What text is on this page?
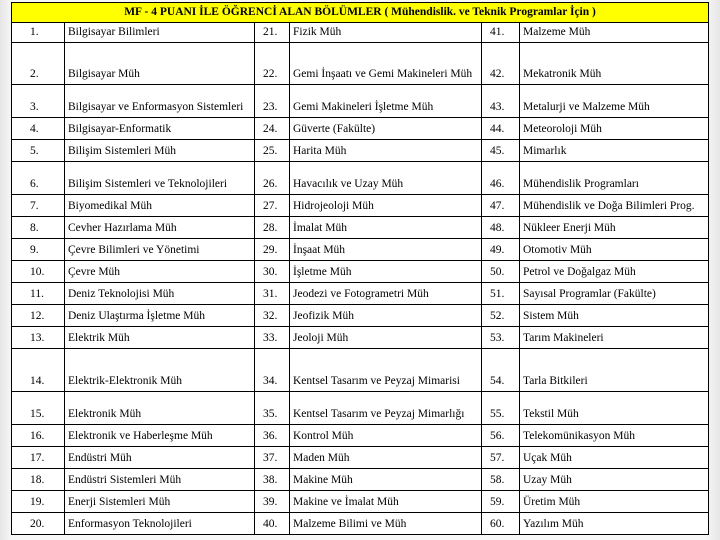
MF - 4 PUANI İLE ÖĞRENCİ ALAN BÖLÜMLER ( Mühendislik. ve Teknik Programlar İçin )					
1.	Bilgisayar Bilimleri	21.	Fizik Müh	41.	Malzeme Müh
2.	Bilgisayar Müh	22.	Gemi İnşaatı ve Gemi Makineleri Müh	42.	Mekatronik Müh
3.	Bilgisayar ve Enformasyon Sistemleri	23.	Gemi Makineleri İşletme Müh	43.	Metalurji ve Malzeme Müh
4.	Bilgisayar-Enformatik	24.	Güverte (Fakülte)	44.	Meteoroloji Müh
5.	Bilişim Sistemleri Müh	25.	Harita Müh	45.	Mimarlık
6.	Bilişim Sistemleri ve Teknolojileri	26.	Havacılık ve Uzay Müh	46.	Mühendislik Programları
7.	Biyomedikal Müh	27.	Hidrojeoloji Müh	47.	Mühendislik ve Doğa Bilimleri Prog.
8.	Cevher Hazırlama Müh	28.	İmalat Müh	48.	Nükleer Enerji Müh
9.	Çevre Bilimleri ve Yönetimi	29.	İnşaat Müh	49.	Otomotiv Müh
10.	Çevre Müh	30.	İşletme Müh	50.	Petrol ve Doğalgaz Müh
11.	Deniz Teknolojisi Müh	31.	Jeodezi ve Fotogrametri Müh	51.	Sayısal Programlar (Fakülte)
12.	Deniz Ulaştırma İşletme Müh	32.	Jeofizik Müh	52.	Sistem Müh
13.	Elektrik Müh	33.	Jeoloji Müh	53.	Tarım Makineleri
14.	Elektrik-Elektronik Müh	34.	Kentsel Tasarım ve Peyzaj Mimarisi	54.	Tarla Bitkileri
15.	Elektronik Müh	35.	Kentsel Tasarım ve Peyzaj Mimarlığı	55.	Tekstil Müh
16.	Elektronik ve Haberleşme Müh	36.	Kontrol Müh	56.	Telekomünikasyon Müh
17.	Endüstri Müh	37.	Maden Müh	57.	Uçak Müh
18.	Endüstri Sistemleri Müh	38.	Makine Müh	58.	Uzay Müh
19.	Enerji Sistemleri Müh	39.	Makine ve İmalat Müh	59.	Üretim Müh
20.	Enformasyon Teknolojileri	40.	Malzeme Bilimi ve Müh	60.	Yazılım Müh
